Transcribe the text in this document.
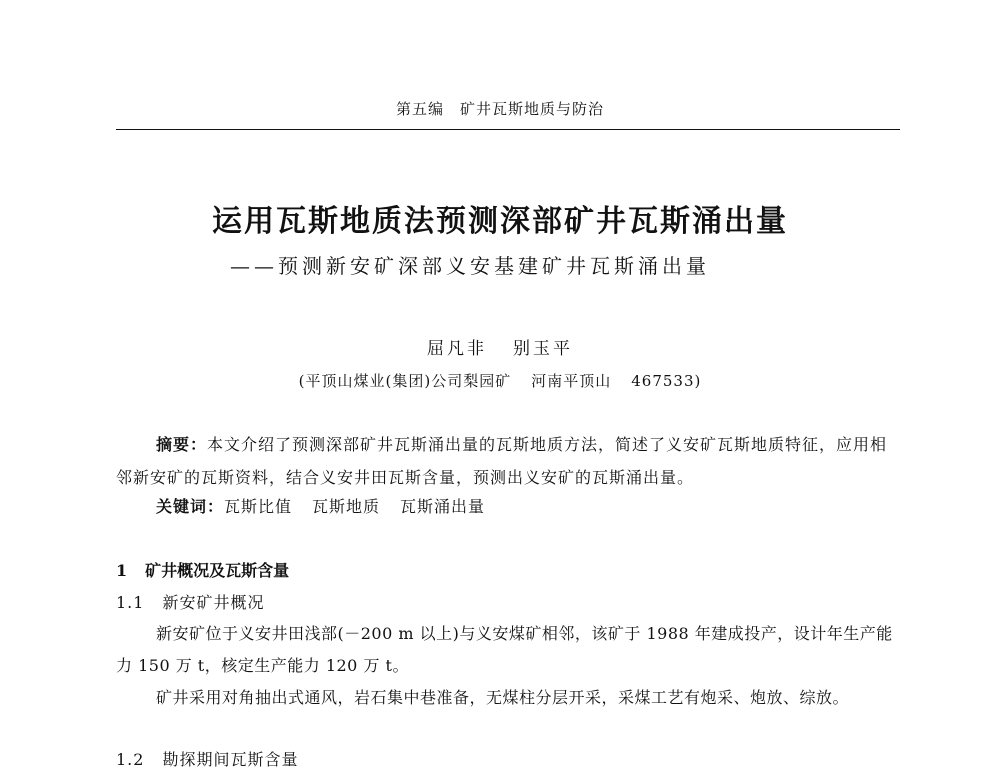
第五编 矿井瓦斯地质与防治
运用瓦斯地质法预测深部矿井瓦斯涌出量
——预测新安矿深部义安基建矿井瓦斯涌出量
屈凡非 别玉平
(平顶山煤业(集团)公司梨园矿 河南平顶山 467533)
摘要：本文介绍了预测深部矿井瓦斯涌出量的瓦斯地质方法，简述了义安矿瓦斯地质特征，应用相邻新安矿的瓦斯资料，结合义安井田瓦斯含量，预测出义安矿的瓦斯涌出量。
关键词：瓦斯比值 瓦斯地质 瓦斯涌出量
1 矿井概况及瓦斯含量
1.1 新安矿井概况
新安矿位于义安井田浅部(－200 m 以上)与义安煤矿相邻，该矿于 1988 年建成投产，设计年生产能力 150 万 t，核定生产能力 120 万 t。
矿井采用对角抽出式通风，岩石集中巷准备，无煤柱分层开采，采煤工艺有炮采、炮放、综放。
1.2 勘探期间瓦斯含量
